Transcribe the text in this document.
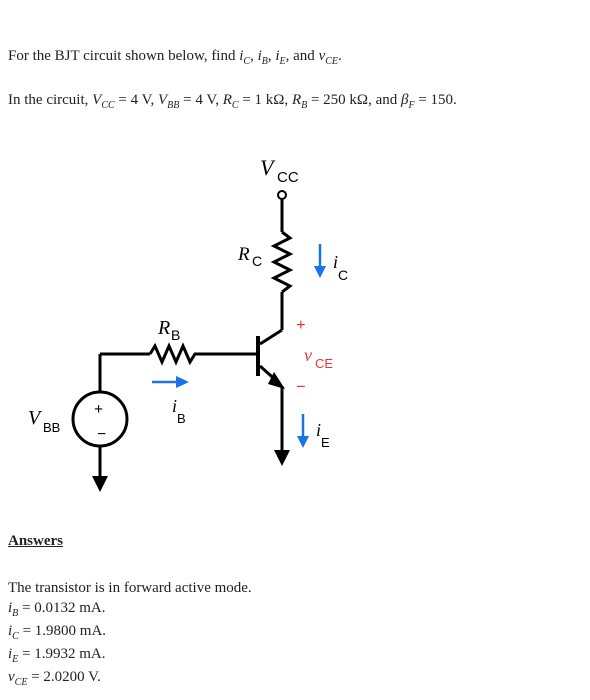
For the BJT circuit shown below, find $i_C$, $i_B$, $i_E$, and $v_{CE}$.
In the circuit, $V_{CC} = 4$ V, $V_{BB} = 4$ V, $R_C = 1$ kΩ, $R_B = 250$ kΩ, and $\beta_F = 150$.
V CC
R C	i
C
+
v CE
−
i
E
R B
i
B
+
−
V BB
Answers
The transistor is in forward active mode.
$i_B = 0.0132$ mA.
$i_C = 1.9800$ mA.
$i_E = 1.9932$ mA.
$v_{CE} = 2.0200$ V.
